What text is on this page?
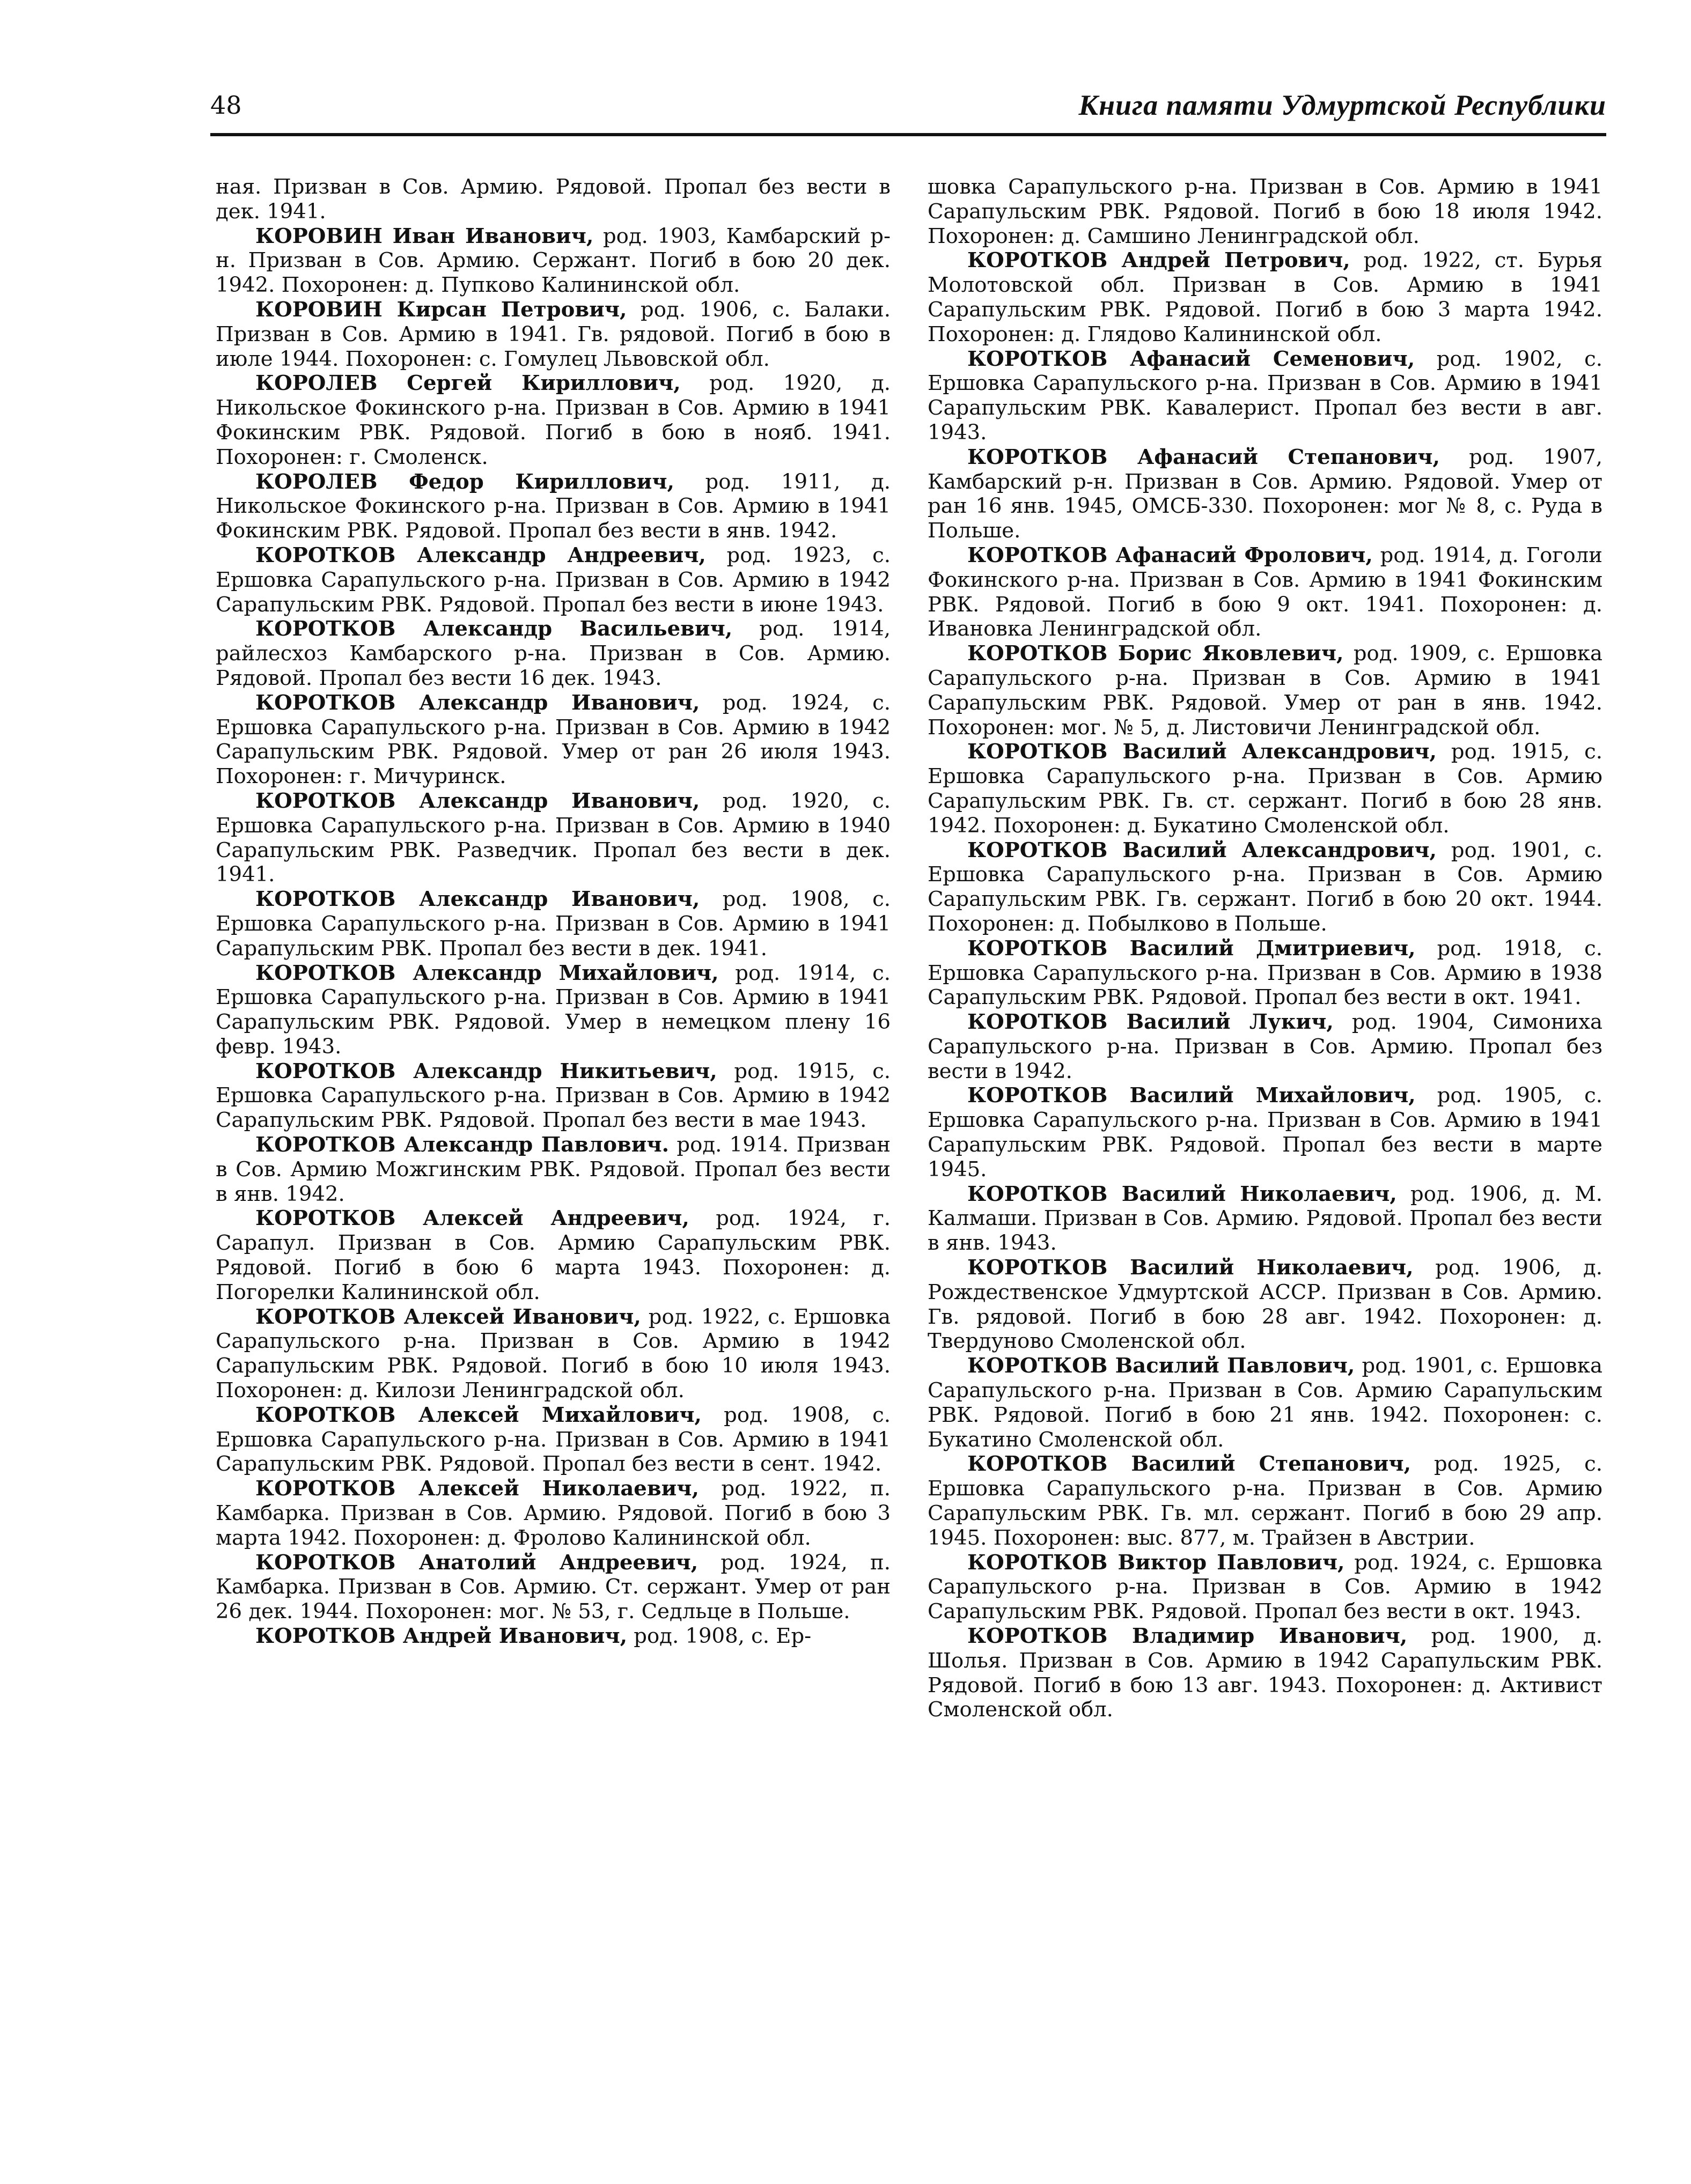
48	Книга памяти Удмуртской Республики

ная. Призван в Сов. Армию. Рядовой. Пропал без вести в дек. 1941.

КОРОВИН Иван Иванович, род. 1903, Камбарский р-н. Призван в Сов. Армию. Сержант. Погиб в бою 20 дек. 1942. Похоронен: д. Пупково Калининской обл.

КОРОВИН Кирсан Петрович, род. 1906, с. Балаки. Призван в Сов. Армию в 1941. Гв. рядовой. Погиб в бою в июле 1944. Похоронен: с. Гомулец Львовской обл.

КОРОЛЕВ Сергей Кириллович, род. 1920, д. Никольское Фокинского р-на. Призван в Сов. Армию в 1941 Фокинским РВК. Рядовой. Погиб в бою в нояб. 1941. Похоронен: г. Смоленск.

КОРОЛЕВ Федор Кириллович, род. 1911, д. Никольское Фокинского р-на. Призван в Сов. Армию в 1941 Фокинским РВК. Рядовой. Пропал без вести в янв. 1942.

КОРОТКОВ Александр Андреевич, род. 1923, с. Ершовка Сарапульского р-на. Призван в Сов. Армию в 1942 Сарапульским РВК. Рядовой. Пропал без вести в июне 1943.

КОРОТКОВ Александр Васильевич, род. 1914, райлесхоз Камбарского р-на. Призван в Сов. Армию. Рядовой. Пропал без вести 16 дек. 1943.

КОРОТКОВ Александр Иванович, род. 1924, с. Ершовка Сарапульского р-на. Призван в Сов. Армию в 1942 Сарапульским РВК. Рядовой. Умер от ран 26 июля 1943. Похоронен: г. Мичуринск.

КОРОТКОВ Александр Иванович, род. 1920, с. Ершовка Сарапульского р-на. Призван в Сов. Армию в 1940 Сарапульским РВК. Разведчик. Пропал без вести в дек. 1941.

КОРОТКОВ Александр Иванович, род. 1908, с. Ершовка Сарапульского р-на. Призван в Сов. Армию в 1941 Сарапульским РВК. Пропал без вести в дек. 1941.

КОРОТКОВ Александр Михайлович, род. 1914, с. Ершовка Сарапульского р-на. Призван в Сов. Армию в 1941 Сарапульским РВК. Рядовой. Умер в немецком плену 16 февр. 1943.

КОРОТКОВ Александр Никитьевич, род. 1915, с. Ершовка Сарапульского р-на. Призван в Сов. Армию в 1942 Сарапульским РВК. Рядовой. Пропал без вести в мае 1943.

КОРОТКОВ Александр Павлович. род. 1914. Призван в Сов. Армию Можгинским РВК. Рядовой. Пропал без вести в янв. 1942.

КОРОТКОВ Алексей Андреевич, род. 1924, г. Сарапул. Призван в Сов. Армию Сарапульским РВК. Рядовой. Погиб в бою 6 марта 1943. Похоронен: д. Погорелки Калининской обл.

КОРОТКОВ Алексей Иванович, род. 1922, с. Ершовка Сарапульского р-на. Призван в Сов. Армию в 1942 Сарапульским РВК. Рядовой. Погиб в бою 10 июля 1943. Похоронен: д. Килози Ленинградской обл.

КОРОТКОВ Алексей Михайлович, род. 1908, с. Ершовка Сарапульского р-на. Призван в Сов. Армию в 1941 Сарапульским РВК. Рядовой. Пропал без вести в сент. 1942.

КОРОТКОВ Алексей Николаевич, род. 1922, п. Камбарка. Призван в Сов. Армию. Рядовой. Погиб в бою 3 марта 1942. Похоронен: д. Фролово Калининской обл.

КОРОТКОВ Анатолий Андреевич, род. 1924, п. Камбарка. Призван в Сов. Армию. Ст. сержант. Умер от ран 26 дек. 1944. Похоронен: мог. № 53, г. Седльце в Польше.

КОРОТКОВ Андрей Иванович, род. 1908, с. Ер-

шовка Сарапульского р-на. Призван в Сов. Армию в 1941 Сарапульским РВК. Рядовой. Погиб в бою 18 июля 1942. Похоронен: д. Самшино Ленинградской обл.

КОРОТКОВ Андрей Петрович, род. 1922, ст. Бурья Молотовской обл. Призван в Сов. Армию в 1941 Сарапульским РВК. Рядовой. Погиб в бою 3 марта 1942. Похоронен: д. Глядово Калининской обл.

КОРОТКОВ Афанасий Семенович, род. 1902, с. Ершовка Сарапульского р-на. Призван в Сов. Армию в 1941 Сарапульским РВК. Кавалерист. Пропал без вести в авг. 1943.

КОРОТКОВ Афанасий Степанович, род. 1907, Камбарский р-н. Призван в Сов. Армию. Рядовой. Умер от ран 16 янв. 1945, ОМСБ-330. Похоронен: мог № 8, с. Руда в Польше.

КОРОТКОВ Афанасий Фролович, род. 1914, д. Гоголи Фокинского р-на. Призван в Сов. Армию в 1941 Фокинским РВК. Рядовой. Погиб в бою 9 окт. 1941. Похоронен: д. Ивановка Ленинградской обл.

КОРОТКОВ Борис Яковлевич, род. 1909, с. Ершовка Сарапульского р-на. Призван в Сов. Армию в 1941 Сарапульским РВК. Рядовой. Умер от ран в янв. 1942. Похоронен: мог. № 5, д. Листовичи Ленинградской обл.

КОРОТКОВ Василий Александрович, род. 1915, с. Ершовка Сарапульского р-на. Призван в Сов. Армию Сарапульским РВК. Гв. ст. сержант. Погиб в бою 28 янв. 1942. Похоронен: д. Букатино Смоленской обл.

КОРОТКОВ Василий Александрович, род. 1901, с. Ершовка Сарапульского р-на. Призван в Сов. Армию Сарапульским РВК. Гв. сержант. Погиб в бою 20 окт. 1944. Похоронен: д. Побылково в Польше.

КОРОТКОВ Василий Дмитриевич, род. 1918, с. Ершовка Сарапульского р-на. Призван в Сов. Армию в 1938 Сарапульским РВК. Рядовой. Пропал без вести в окт. 1941.

КОРОТКОВ Василий Лукич, род. 1904, Симониха Сарапульского р-на. Призван в Сов. Армию. Пропал без вести в 1942.

КОРОТКОВ Василий Михайлович, род. 1905, с. Ершовка Сарапульского р-на. Призван в Сов. Армию в 1941 Сарапульским РВК. Рядовой. Пропал без вести в марте 1945.

КОРОТКОВ Василий Николаевич, род. 1906, д. М. Калмаши. Призван в Сов. Армию. Рядовой. Пропал без вести в янв. 1943.

КОРОТКОВ Василий Николаевич, род. 1906, д. Рождественское Удмуртской АССР. Призван в Сов. Армию. Гв. рядовой. Погиб в бою 28 авг. 1942. Похоронен: д. Твердуново Смоленской обл.

КОРОТКОВ Василий Павлович, род. 1901, с. Ершовка Сарапульского р-на. Призван в Сов. Армию Сарапульским РВК. Рядовой. Погиб в бою 21 янв. 1942. Похоронен: с. Букатино Смоленской обл.

КОРОТКОВ Василий Степанович, род. 1925, с. Ершовка Сарапульского р-на. Призван в Сов. Армию Сарапульским РВК. Гв. мл. сержант. Погиб в бою 29 апр. 1945. Похоронен: выс. 877, м. Трайзен в Австрии.

КОРОТКОВ Виктор Павлович, род. 1924, с. Ершовка Сарапульского р-на. Призван в Сов. Армию в 1942 Сарапульским РВК. Рядовой. Пропал без вести в окт. 1943.

КОРОТКОВ Владимир Иванович, род. 1900, д. Шолья. Призван в Сов. Армию в 1942 Сарапульским РВК. Рядовой. Погиб в бою 13 авг. 1943. Похоронен: д. Активист Смоленской обл.
